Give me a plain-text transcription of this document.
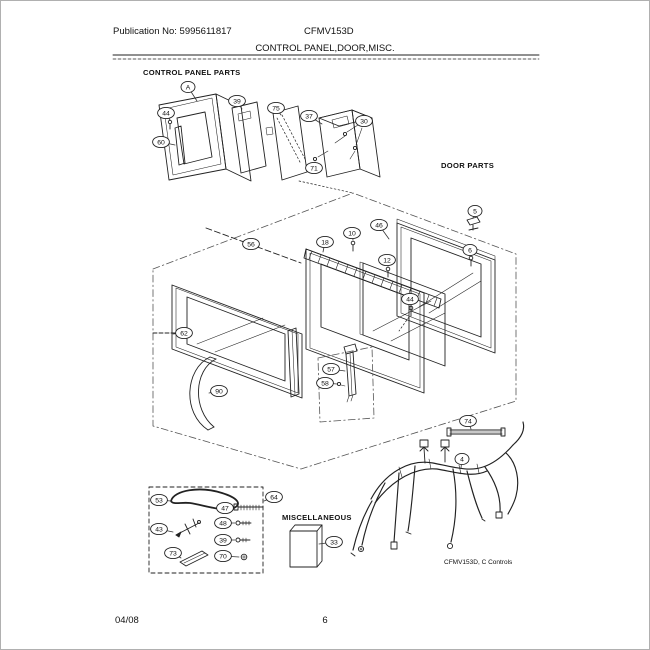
Publication No: 5995611817	CFMV153D
CONTROL PANEL,DOOR,MISC.
CONTROL PANEL PARTS
DOOR PARTS
MISCELLANEOUS
CFMV153D, C Controls
A
44
60
39
75
37
30
71
56	18
10
46
5
12
6
44
62
90
57
58
33
53
47
48
43
39
73	70
64
74
4
04/08	6
